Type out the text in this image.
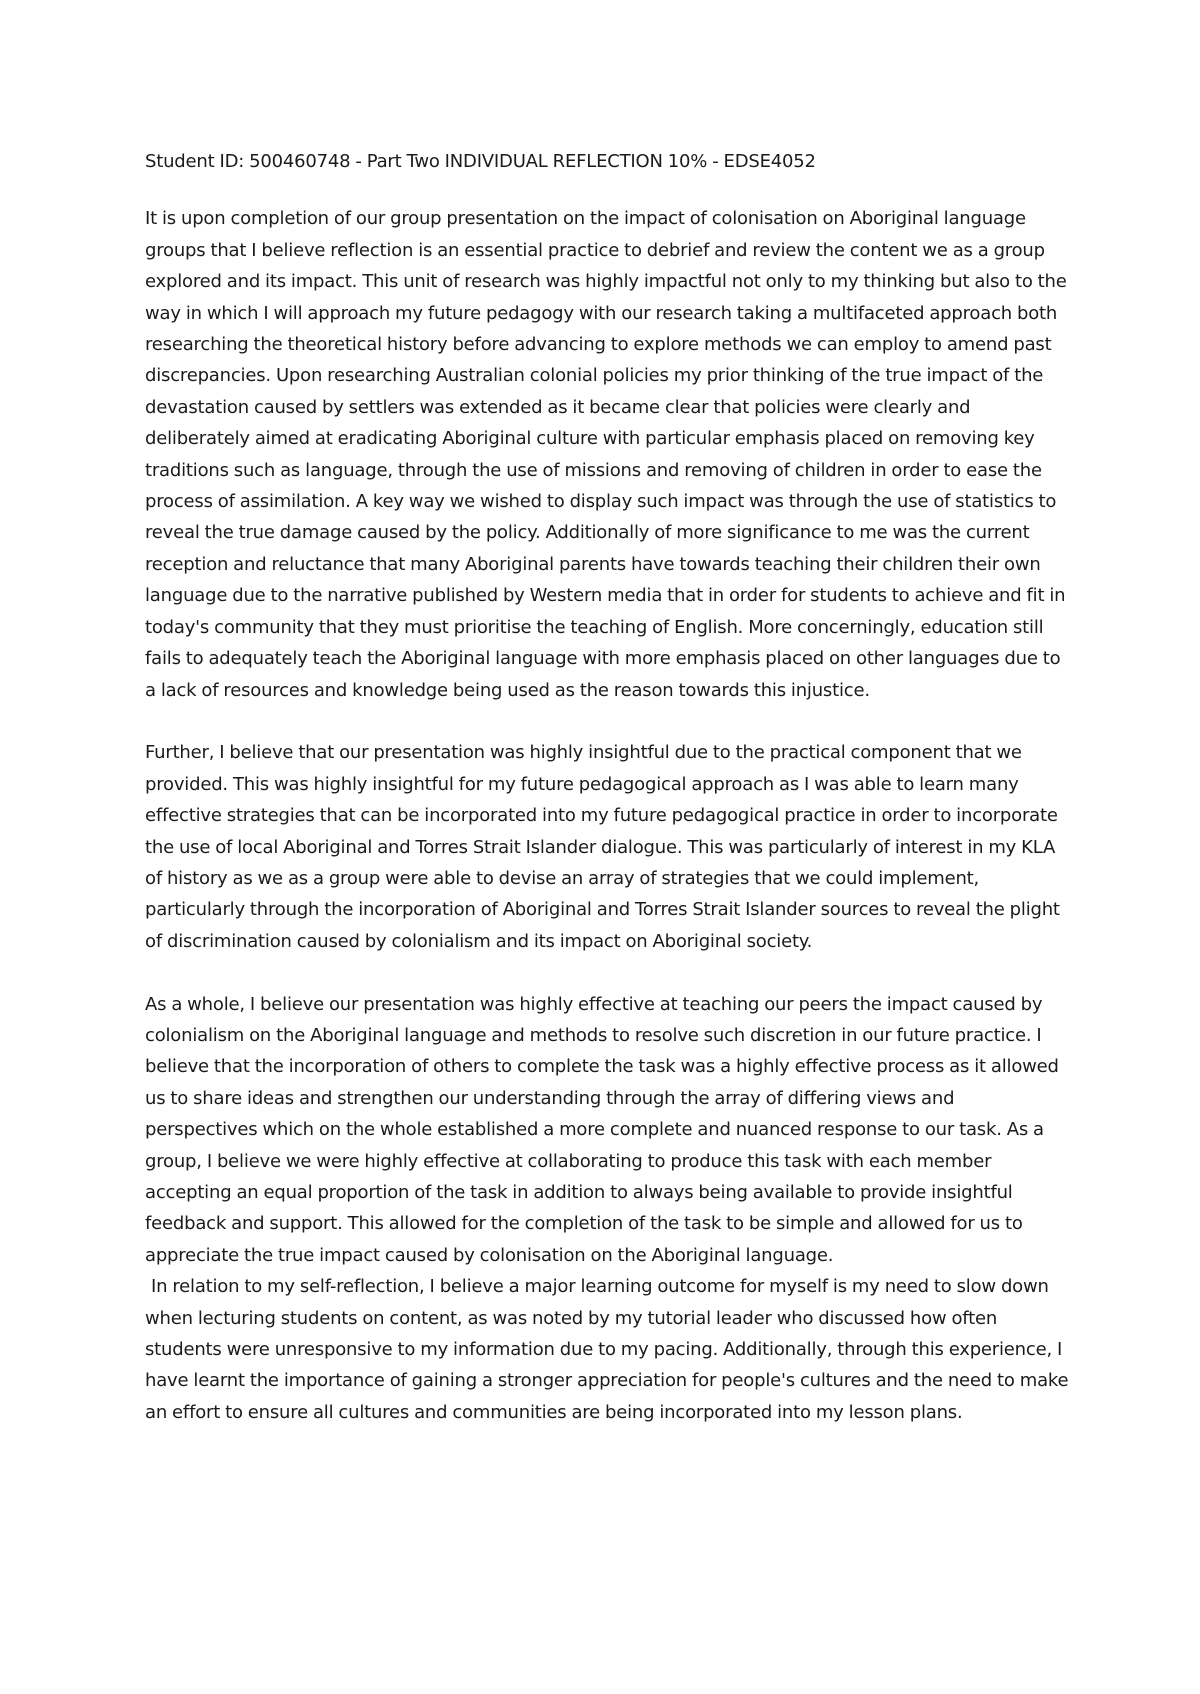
Student ID: 500460748 - Part Two INDIVIDUAL REFLECTION 10% - EDSE4052

It is upon completion of our group presentation on the impact of colonisation on Aboriginal language groups that I believe reflection is an essential practice to debrief and review the content we as a group explored and its impact. This unit of research was highly impactful not only to my thinking but also to the way in which I will approach my future pedagogy with our research taking a multifaceted approach both researching the theoretical history before advancing to explore methods we can employ to amend past discrepancies. Upon researching Australian colonial policies my prior thinking of the true impact of the devastation caused by settlers was extended as it became clear that policies were clearly and deliberately aimed at eradicating Aboriginal culture with particular emphasis placed on removing key traditions such as language, through the use of missions and removing of children in order to ease the process of assimilation. A key way we wished to display such impact was through the use of statistics to reveal the true damage caused by the policy. Additionally of more significance to me was the current reception and reluctance that many Aboriginal parents have towards teaching their children their own language due to the narrative published by Western media that in order for students to achieve and fit in today's community that they must prioritise the teaching of English. More concerningly, education still fails to adequately teach the Aboriginal language with more emphasis placed on other languages due to a lack of resources and knowledge being used as the reason towards this injustice.

Further, I believe that our presentation was highly insightful due to the practical component that we provided. This was highly insightful for my future pedagogical approach as I was able to learn many effective strategies that can be incorporated into my future pedagogical practice in order to incorporate the use of local Aboriginal and Torres Strait Islander dialogue. This was particularly of interest in my KLA of history as we as a group were able to devise an array of strategies that we could implement, particularly through the incorporation of Aboriginal and Torres Strait Islander sources to reveal the plight of discrimination caused by colonialism and its impact on Aboriginal society.

As a whole, I believe our presentation was highly effective at teaching our peers the impact caused by colonialism on the Aboriginal language and methods to resolve such discretion in our future practice. I believe that the incorporation of others to complete the task was a highly effective process as it allowed us to share ideas and strengthen our understanding through the array of differing views and perspectives which on the whole established a more complete and nuanced response to our task. As a group, I believe we were highly effective at collaborating to produce this task with each member accepting an equal proportion of the task in addition to always being available to provide insightful feedback and support. This allowed for the completion of the task to be simple and allowed for us to appreciate the true impact caused by colonisation on the Aboriginal language.

In relation to my self-reflection, I believe a major learning outcome for myself is my need to slow down when lecturing students on content, as was noted by my tutorial leader who discussed how often students were unresponsive to my information due to my pacing. Additionally, through this experience, I have learnt the importance of gaining a stronger appreciation for people's cultures and the need to make an effort to ensure all cultures and communities are being incorporated into my lesson plans.
